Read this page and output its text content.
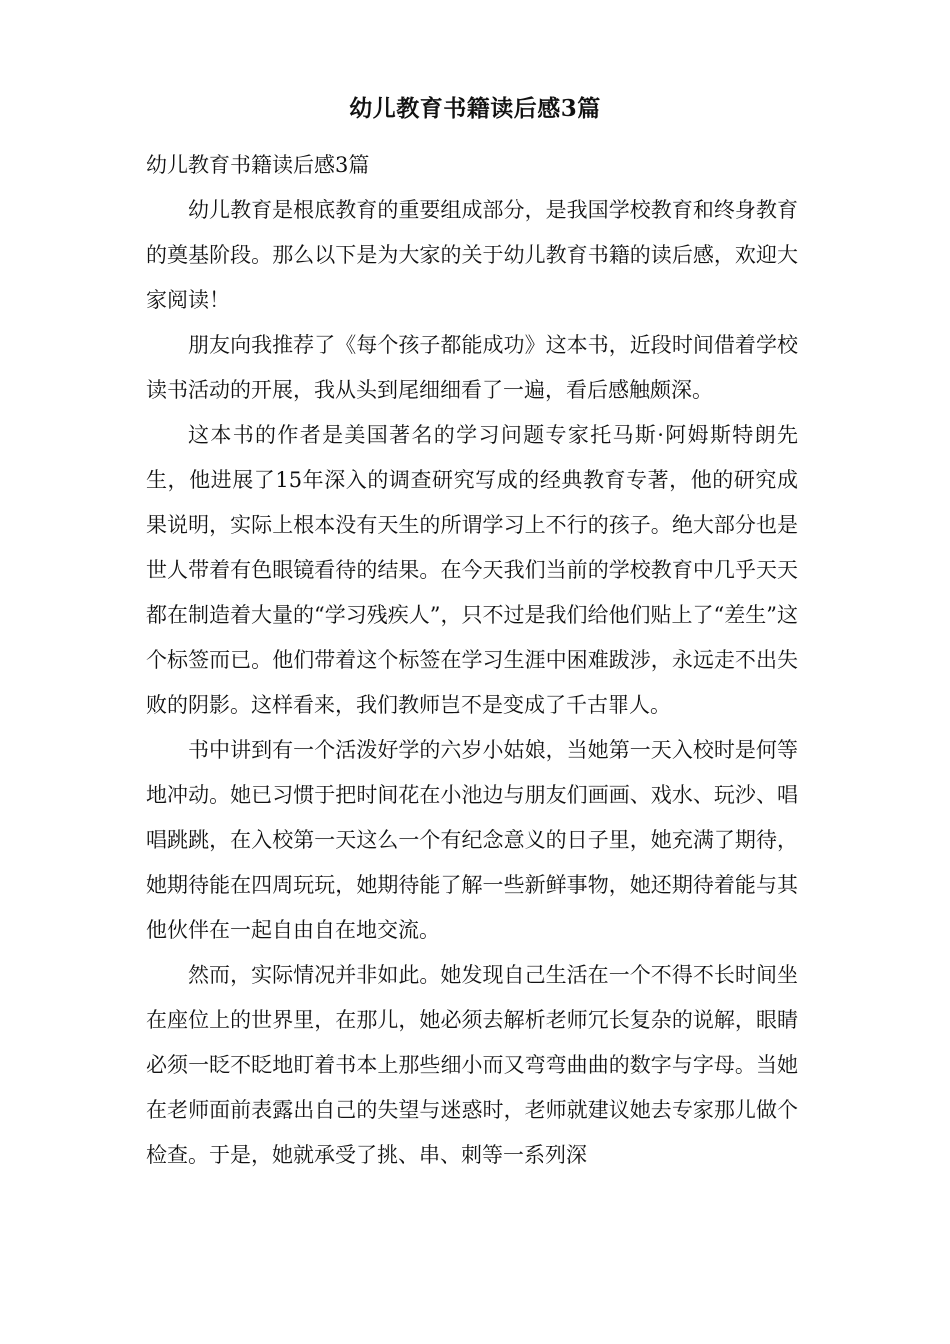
幼儿教育书籍读后感3篇

幼儿教育书籍读后感3篇

幼儿教育是根底教育的重要组成部分，是我国学校教育和终身教育的奠基阶段。那么以下是为大家的关于幼儿教育书籍的读后感，欢迎大家阅读！

朋友向我推荐了《每个孩子都能成功》这本书，近段时间借着学校读书活动的开展，我从头到尾细细看了一遍，看后感触颇深。

这本书的作者是美国著名的学习问题专家托马斯·阿姆斯特朗先生，他进展了15年深入的调查研究写成的经典教育专著，他的研究成果说明，实际上根本没有天生的所谓学习上不行的孩子。绝大部分也是世人带着有色眼镜看待的结果。在今天我们当前的学校教育中几乎天天都在制造着大量的“学习残疾人”，只不过是我们给他们贴上了“差生”这个标签而已。他们带着这个标签在学习生涯中困难跋涉，永远走不出失败的阴影。这样看来，我们教师岂不是变成了千古罪人。

书中讲到有一个活泼好学的六岁小姑娘，当她第一天入校时是何等地冲动。她已习惯于把时间花在小池边与朋友们画画、戏水、玩沙、唱唱跳跳，在入校第一天这么一个有纪念意义的日子里，她充满了期待，她期待能在四周玩玩，她期待能了解一些新鲜事物，她还期待着能与其他伙伴在一起自由自在地交流。

然而，实际情况并非如此。她发现自己生活在一个不得不长时间坐在座位上的世界里，在那儿，她必须去解析老师冗长复杂的说解，眼睛必须一眨不眨地盯着书本上那些细小而又弯弯曲曲的数字与字母。当她在老师面前表露出自己的失望与迷惑时，老师就建议她去专家那儿做个检查。于是，她就承受了挑、串、刺等一系列深
